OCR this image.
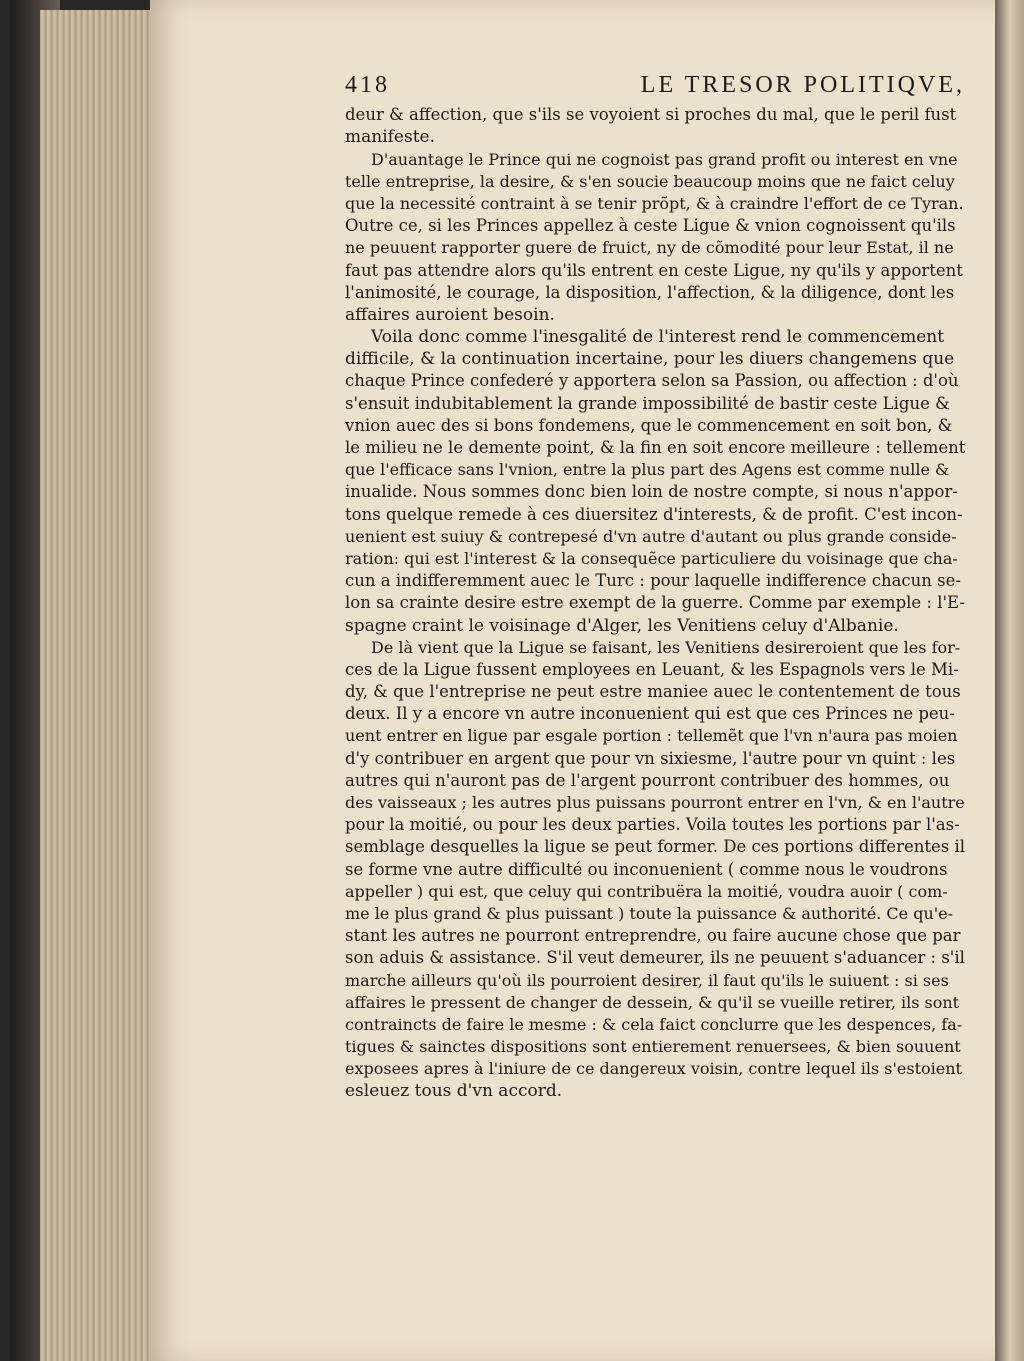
418	LE TRESOR POLITIQVE,
deur & affection, que s'ils se voyoient si proches du mal, que le peril fust
manifeste.
D'auantage le Prince qui ne cognoist pas grand profit ou interest en vne
telle entreprise, la desire, & s'en soucie beaucoup moins que ne faict celuy
que la necessité contraint à se tenir prõpt, & à craindre l'effort de ce Tyran.
Outre ce, si les Princes appellez à ceste Ligue & vnion cognoissent qu'ils
ne peuuent rapporter guere de fruict, ny de cõmodité pour leur Estat, il ne
faut pas attendre alors qu'ils entrent en ceste Ligue, ny qu'ils y apportent
l'animosité, le courage, la disposition, l'affection, & la diligence, dont les
affaires auroient besoin.
Voila donc comme l'inesgalité de l'interest rend le commencement
difficile, & la continuation incertaine, pour les diuers changemens que
chaque Prince confederé y apportera selon sa Passion, ou affection : d'où
s'ensuit indubitablement la grande impossibilité de bastir ceste Ligue &
vnion auec des si bons fondemens, que le commencement en soit bon, &
le milieu ne le demente point, & la fin en soit encore meilleure : tellement
que l'efficace sans l'vnion, entre la plus part des Agens est comme nulle &
inualide. Nous sommes donc bien loin de nostre compte, si nous n'appor-
tons quelque remede à ces diuersitez d'interests, & de profit. C'est incon-
uenient est suiuy & contrepesé d'vn autre d'autant ou plus grande conside-
ration: qui est l'interest & la consequẽce particuliere du voisinage que cha-
cun a indifferemment auec le Turc : pour laquelle indifference chacun se-
lon sa crainte desire estre exempt de la guerre. Comme par exemple : l'E-
spagne craint le voisinage d'Alger, les Venitiens celuy d'Albanie.
De là vient que la Ligue se faisant, les Venitiens desireroient que les for-
ces de la Ligue fussent employees en Leuant, & les Espagnols vers le Mi-
dy, & que l'entreprise ne peut estre maniee auec le contentement de tous
deux. Il y a encore vn autre inconuenient qui est que ces Princes ne peu-
uent entrer en ligue par esgale portion : tellemẽt que l'vn n'aura pas moien
d'y contribuer en argent que pour vn sixiesme, l'autre pour vn quint : les
autres qui n'auront pas de l'argent pourront contribuer des hommes, ou
des vaisseaux ; les autres plus puissans pourront entrer en l'vn, & en l'autre
pour la moitié, ou pour les deux parties. Voila toutes les portions par l'as-
semblage desquelles la ligue se peut former. De ces portions differentes il
se forme vne autre difficulté ou inconuenient ( comme nous le voudrons
appeller ) qui est, que celuy qui contribuëra la moitié, voudra auoir ( com-
me le plus grand & plus puissant ) toute la puissance & authorité. Ce qu'e-
stant les autres ne pourront entreprendre, ou faire aucune chose que par
son aduis & assistance. S'il veut demeurer, ils ne peuuent s'aduancer : s'il
marche ailleurs qu'où ils pourroient desirer, il faut qu'ils le suiuent : si ses
affaires le pressent de changer de dessein, & qu'il se vueille retirer, ils sont
contraincts de faire le mesme : & cela faict conclurre que les despences, fa-
tigues & sainctes dispositions sont entierement renuersees, & bien souuent
exposees apres à l'iniure de ce dangereux voisin, contre lequel ils s'estoient
esleuez tous d'vn accord.
